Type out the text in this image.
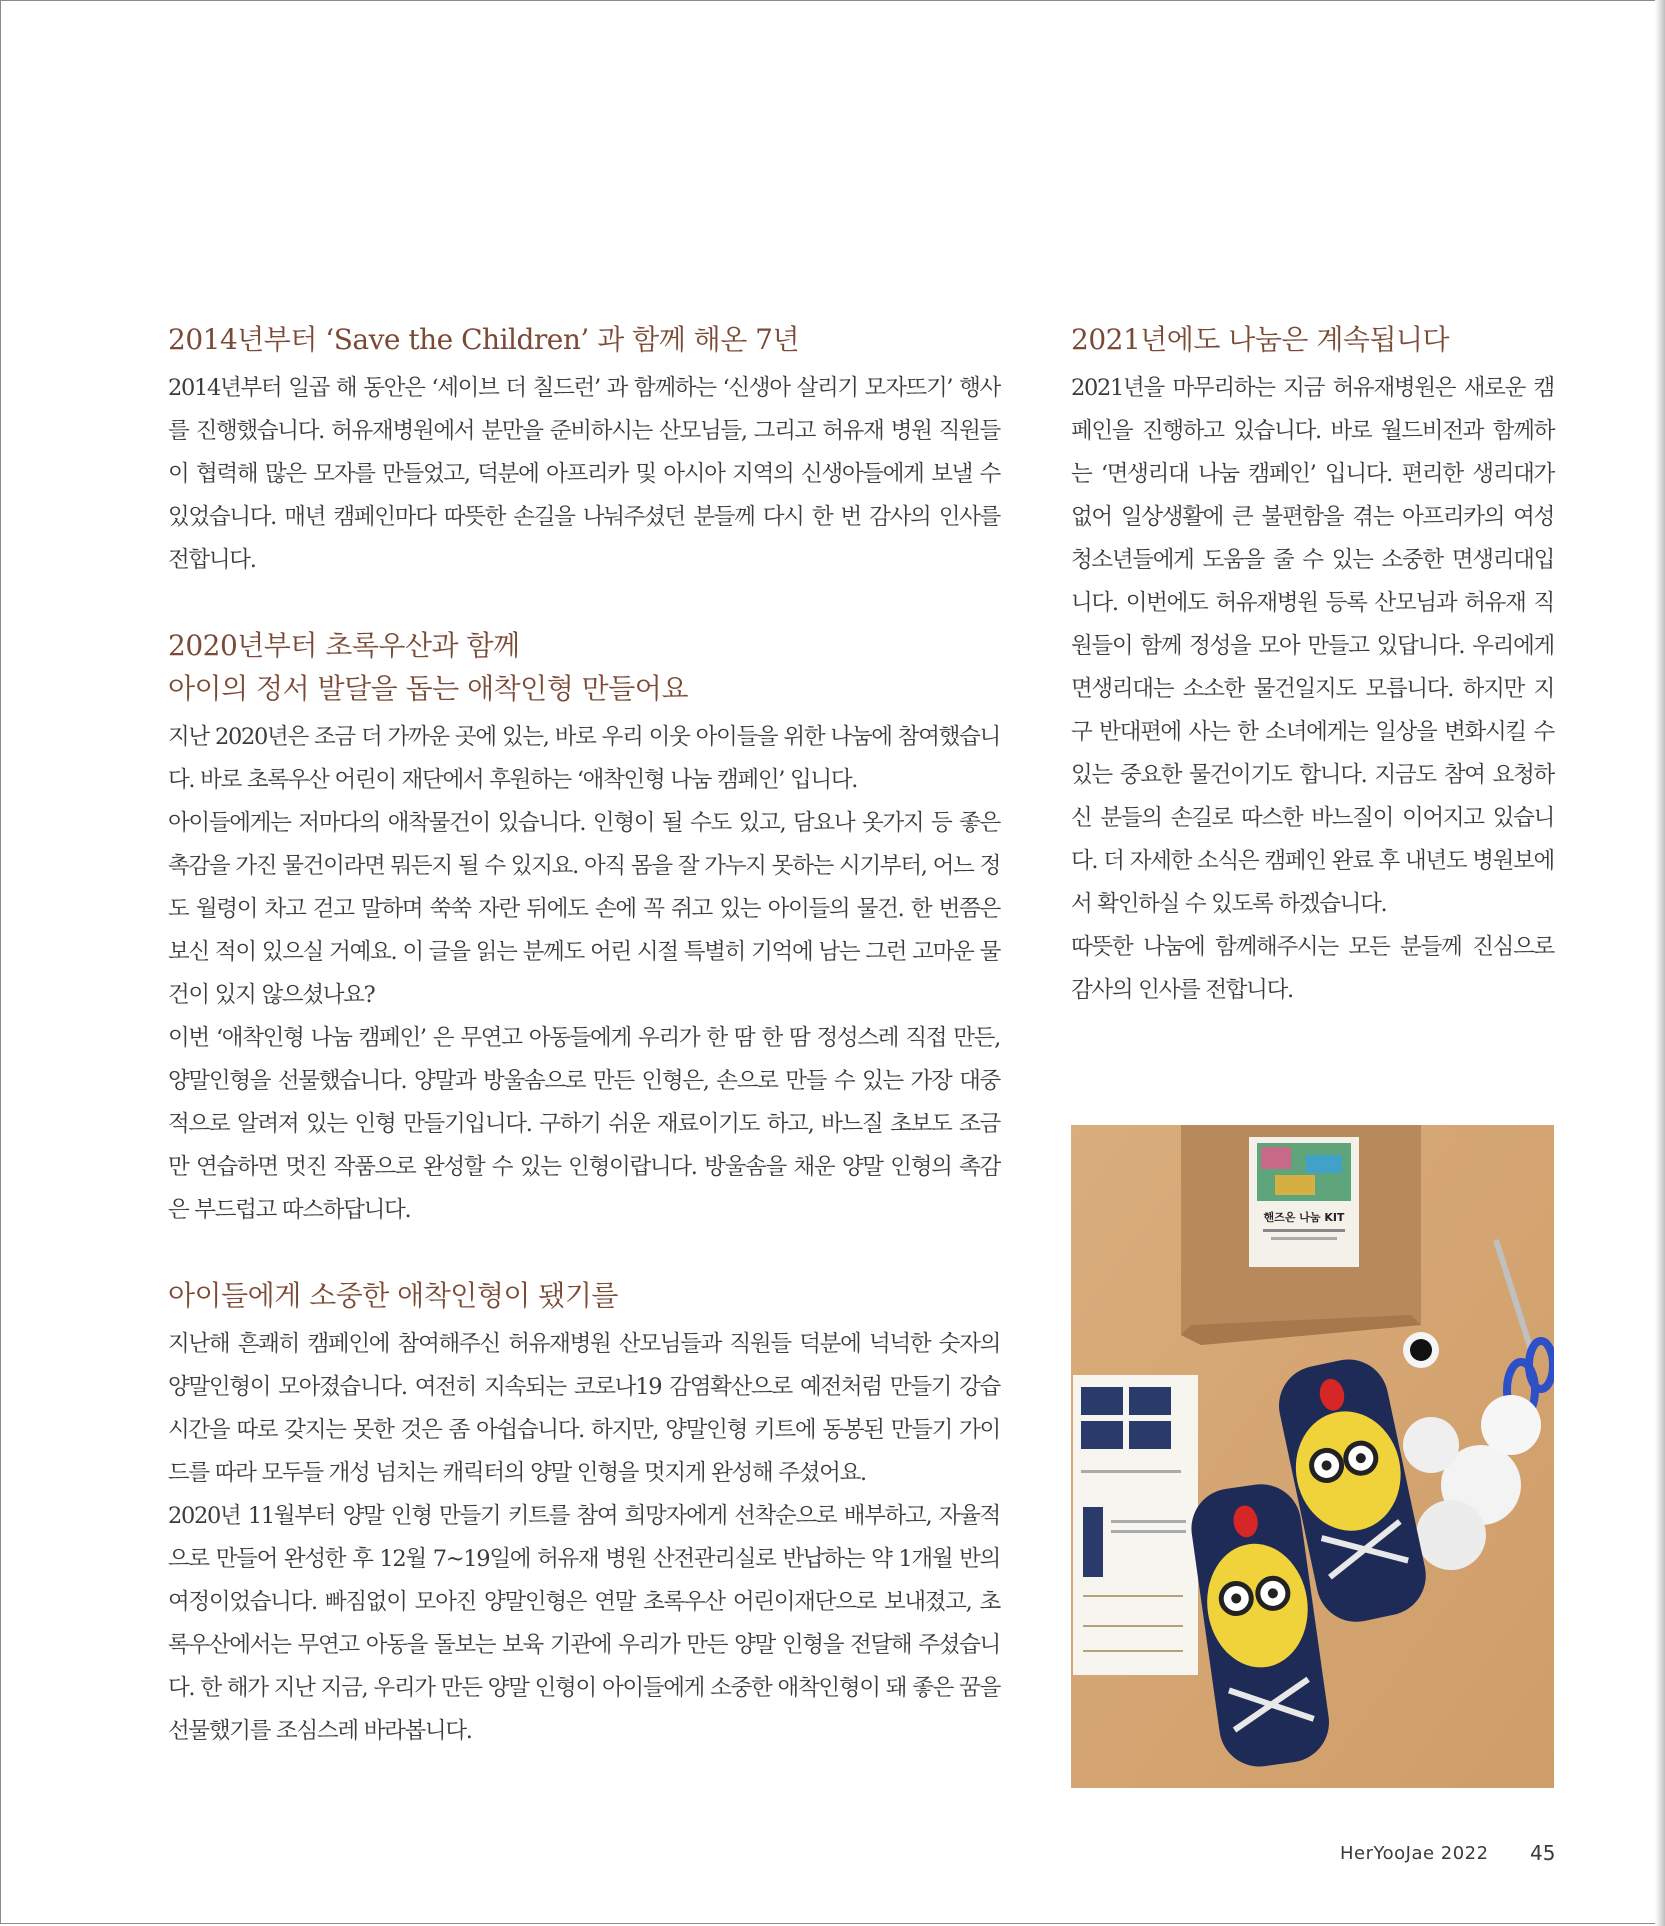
2014년부터 ‘Save the Children’ 과 함께 해온 7년

2014년부터 일곱 해 동안은 ‘세이브 더 칠드런’ 과 함께하는 ‘신생아 살리기 모자뜨기’ 행사를 진행했습니다. 허유재병원에서 분만을 준비하시는 산모님들, 그리고 허유재 병원 직원들이 협력해 많은 모자를 만들었고, 덕분에 아프리카 및 아시아 지역의 신생아들에게 보낼 수 있었습니다. 매년 캠페인마다 따뜻한 손길을 나눠주셨던 분들께 다시 한 번 감사의 인사를 전합니다.

2020년부터 초록우산과 함께
아이의 정서 발달을 돕는 애착인형 만들어요

지난 2020년은 조금 더 가까운 곳에 있는, 바로 우리 이웃 아이들을 위한 나눔에 참여했습니다. 바로 초록우산 어린이 재단에서 후원하는 ‘애착인형 나눔 캠페인’ 입니다.

아이들에게는 저마다의 애착물건이 있습니다. 인형이 될 수도 있고, 담요나 옷가지 등 좋은 촉감을 가진 물건이라면 뭐든지 될 수 있지요. 아직 몸을 잘 가누지 못하는 시기부터, 어느 정도 월령이 차고 걷고 말하며 쑥쑥 자란 뒤에도 손에 꼭 쥐고 있는 아이들의 물건. 한 번쯤은 보신 적이 있으실 거예요. 이 글을 읽는 분께도 어린 시절 특별히 기억에 남는 그런 고마운 물건이 있지 않으셨나요?

이번 ‘애착인형 나눔 캠페인’ 은 무연고 아동들에게 우리가 한 땀 한 땀 정성스레 직접 만든, 양말인형을 선물했습니다. 양말과 방울솜으로 만든 인형은, 손으로 만들 수 있는 가장 대중적으로 알려져 있는 인형 만들기입니다. 구하기 쉬운 재료이기도 하고, 바느질 초보도 조금만 연습하면 멋진 작품으로 완성할 수 있는 인형이랍니다. 방울솜을 채운 양말 인형의 촉감은 부드럽고 따스하답니다.

아이들에게 소중한 애착인형이 됐기를

지난해 흔쾌히 캠페인에 참여해주신 허유재병원 산모님들과 직원들 덕분에 넉넉한 숫자의 양말인형이 모아졌습니다. 여전히 지속되는 코로나19 감염확산으로 예전처럼 만들기 강습 시간을 따로 갖지는 못한 것은 좀 아쉽습니다. 하지만, 양말인형 키트에 동봉된 만들기 가이드를 따라 모두들 개성 넘치는 캐릭터의 양말 인형을 멋지게 완성해 주셨어요.

2020년 11월부터 양말 인형 만들기 키트를 참여 희망자에게 선착순으로 배부하고, 자율적으로 만들어 완성한 후 12월 7~19일에 허유재 병원 산전관리실로 반납하는 약 1개월 반의 여정이었습니다. 빠짐없이 모아진 양말인형은 연말 초록우산 어린이재단으로 보내졌고, 초록우산에서는 무연고 아동을 돌보는 보육 기관에 우리가 만든 양말 인형을 전달해 주셨습니다. 한 해가 지난 지금, 우리가 만든 양말 인형이 아이들에게 소중한 애착인형이 돼 좋은 꿈을 선물했기를 조심스레 바라봅니다.

2021년에도 나눔은 계속됩니다

2021년을 마무리하는 지금 허유재병원은 새로운 캠페인을 진행하고 있습니다. 바로 월드비전과 함께하는 ‘면생리대 나눔 캠페인’ 입니다. 편리한 생리대가 없어 일상생활에 큰 불편함을 겪는 아프리카의 여성 청소년들에게 도움을 줄 수 있는 소중한 면생리대입니다. 이번에도 허유재병원 등록 산모님과 허유재 직원들이 함께 정성을 모아 만들고 있답니다. 우리에게 면생리대는 소소한 물건일지도 모릅니다. 하지만 지구 반대편에 사는 한 소녀에게는 일상을 변화시킬 수 있는 중요한 물건이기도 합니다. 지금도 참여 요청하신 분들의 손길로 따스한 바느질이 이어지고 있습니다. 더 자세한 소식은 캠페인 완료 후 내년도 병원보에서 확인하실 수 있도록 하겠습니다.

따뜻한 나눔에 함께해주시는 모든 분들께 진심으로 감사의 인사를 전합니다.

핸즈온 나눔 KIT
HerYooJae 2022 45
